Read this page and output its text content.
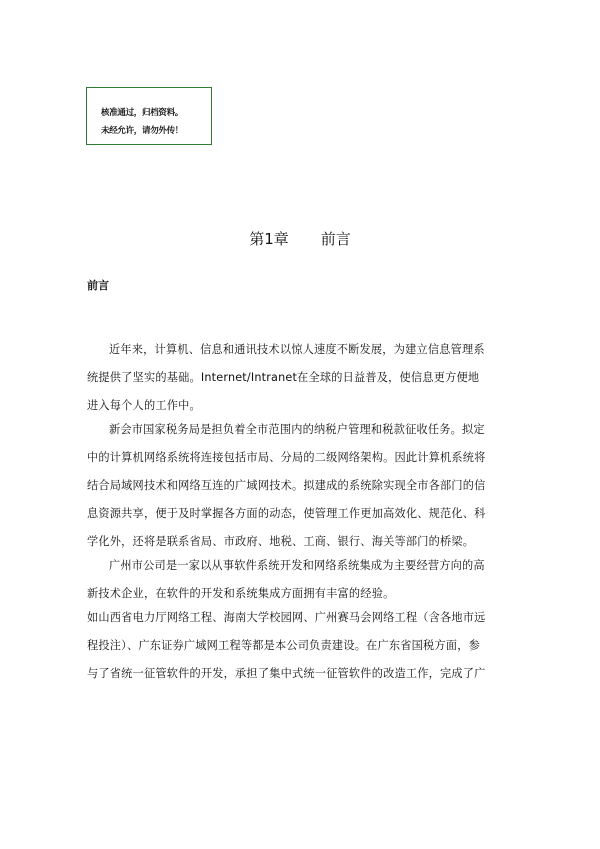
核准通过，归档资料。
未经允许，请勿外传！
第1章 前言
前言
近年来，计算机、信息和通讯技术以惊人速度不断发展，为建立信息管理系
统提供了坚实的基础。Internet/Intranet在全球的日益普及，使信息更方便地
进入每个人的工作中。
新会市国家税务局是担负着全市范围内的纳税户管理和税款征收任务。拟定
中的计算机网络系统将连接包括市局、分局的二级网络架构。因此计算机系统将
结合局域网技术和网络互连的广域网技术。拟建成的系统除实现全市各部门的信
息资源共享，便于及时掌握各方面的动态，使管理工作更加高效化、规范化、科
学化外，还将是联系省局、市政府、地税、工商、银行、海关等部门的桥梁。
广州市公司是一家以从事软件系统开发和网络系统集成为主要经营方向的高
新技术企业，在软件的开发和系统集成方面拥有丰富的经验。
如山西省电力厅网络工程、海南大学校园网、广州赛马会网络工程（含各地市远
程投注）、广东证券广域网工程等都是本公司负责建设。在广东省国税方面，参
与了省统一征管软件的开发，承担了集中式统一征管软件的改造工作，完成了广
